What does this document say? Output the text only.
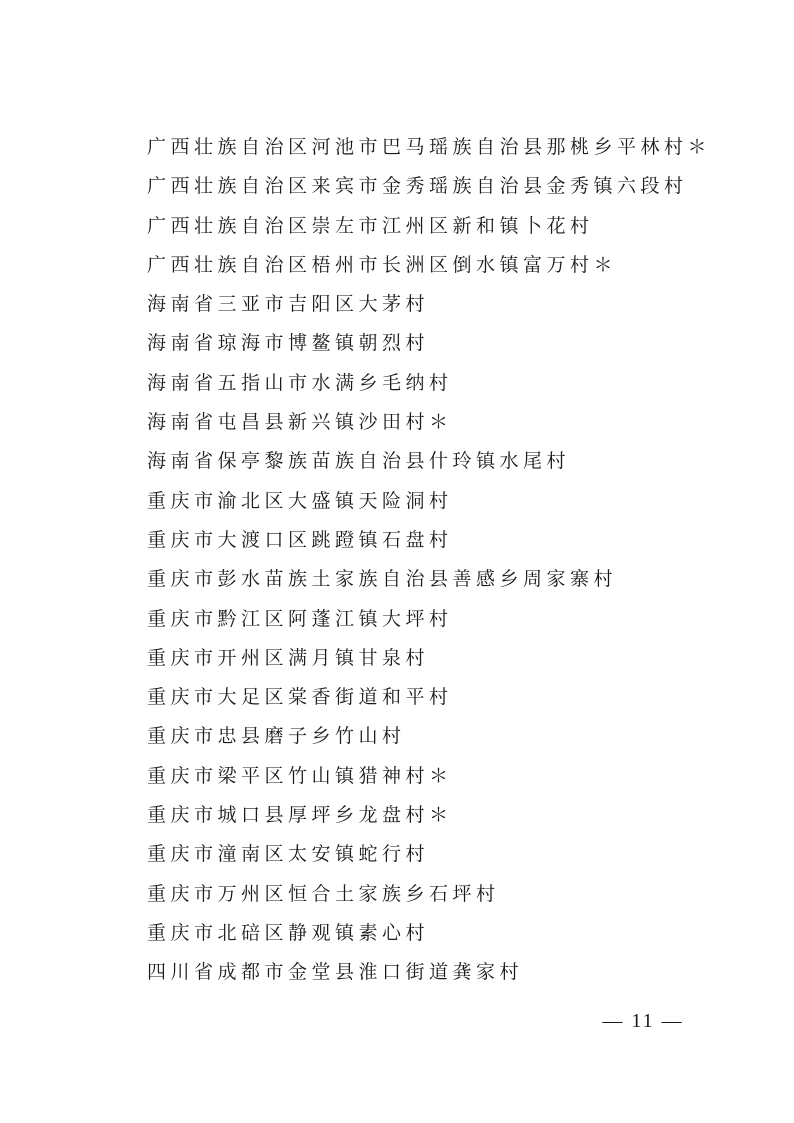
广西壮族自治区河池市巴马瑶族自治县那桃乡平林村＊
广西壮族自治区来宾市金秀瑶族自治县金秀镇六段村
广西壮族自治区崇左市江州区新和镇卜花村
广西壮族自治区梧州市长洲区倒水镇富万村＊
海南省三亚市吉阳区大茅村
海南省琼海市博鳌镇朝烈村
海南省五指山市水满乡毛纳村
海南省屯昌县新兴镇沙田村＊
海南省保亭黎族苗族自治县什玲镇水尾村
重庆市渝北区大盛镇天险洞村
重庆市大渡口区跳蹬镇石盘村
重庆市彭水苗族土家族自治县善感乡周家寨村
重庆市黔江区阿蓬江镇大坪村
重庆市开州区满月镇甘泉村
重庆市大足区棠香街道和平村
重庆市忠县磨子乡竹山村
重庆市梁平区竹山镇猎神村＊
重庆市城口县厚坪乡龙盘村＊
重庆市潼南区太安镇蛇行村
重庆市万州区恒合土家族乡石坪村
重庆市北碚区静观镇素心村
四川省成都市金堂县淮口街道龚家村
— 11 —
